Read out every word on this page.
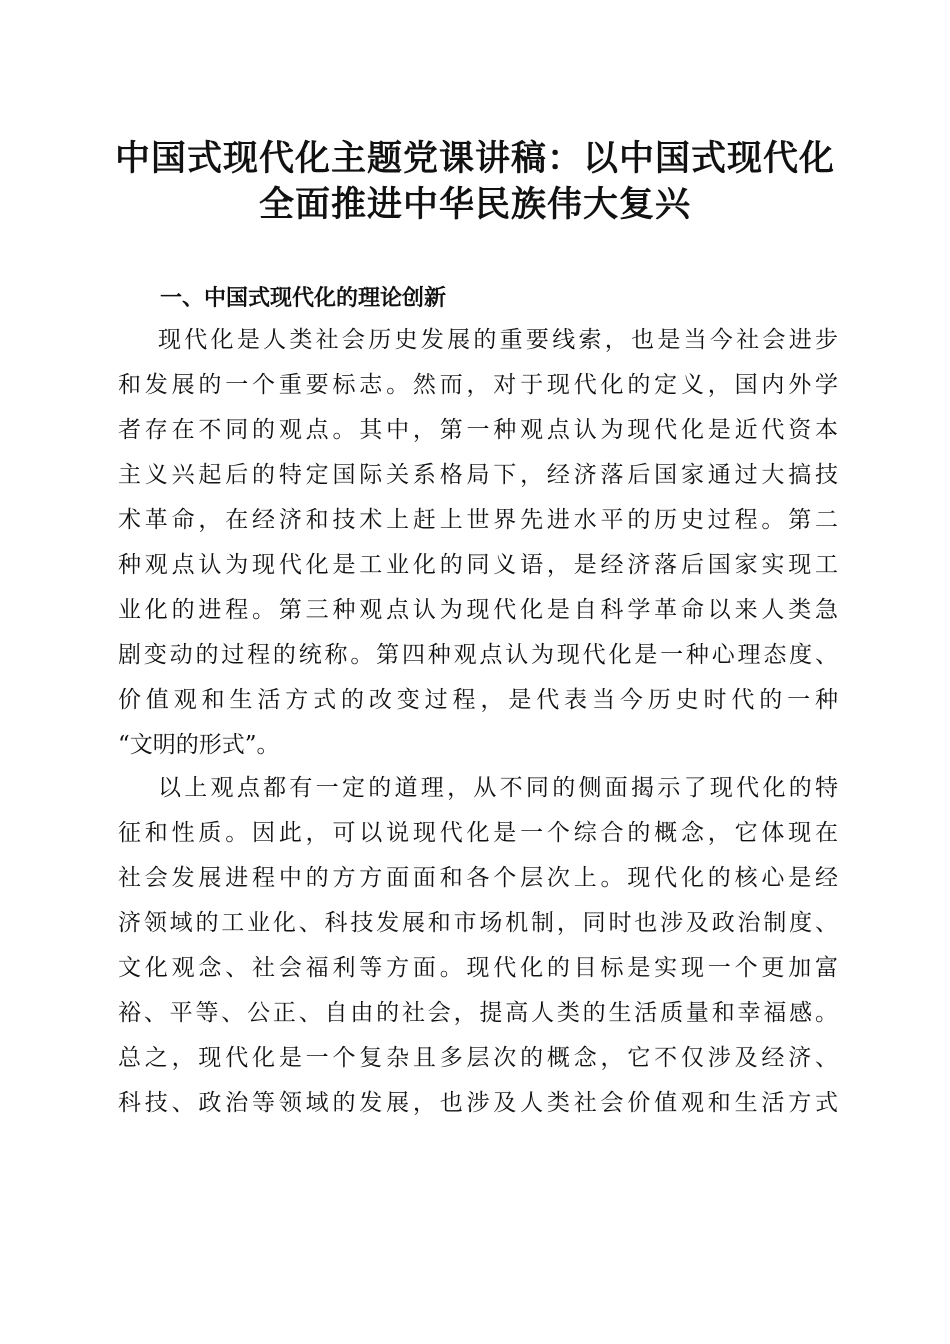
中国式现代化主题党课讲稿：以中国式现代化
全面推进中华民族伟大复兴
一、中国式现代化的理论创新

现代化是人类社会历史发展的重要线索，也是当今社会进步
和发展的一个重要标志。然而，对于现代化的定义，国内外学
者存在不同的观点。其中，第一种观点认为现代化是近代资本
主义兴起后的特定国际关系格局下，经济落后国家通过大搞技
术革命，在经济和技术上赶上世界先进水平的历史过程。第二
种观点认为现代化是工业化的同义语，是经济落后国家实现工
业化的进程。第三种观点认为现代化是自科学革命以来人类急
剧变动的过程的统称。第四种观点认为现代化是一种心理态度、
价值观和生活方式的改变过程，是代表当今历史时代的一种
“文明的形式”。

以上观点都有一定的道理，从不同的侧面揭示了现代化的特
征和性质。因此，可以说现代化是一个综合的概念，它体现在
社会发展进程中的方方面面和各个层次上。现代化的核心是经
济领域的工业化、科技发展和市场机制，同时也涉及政治制度、
文化观念、社会福利等方面。现代化的目标是实现一个更加富
裕、平等、公正、自由的社会，提高人类的生活质量和幸福感。
总之，现代化是一个复杂且多层次的概念，它不仅涉及经济、
科技、政治等领域的发展，也涉及人类社会价值观和生活方式
